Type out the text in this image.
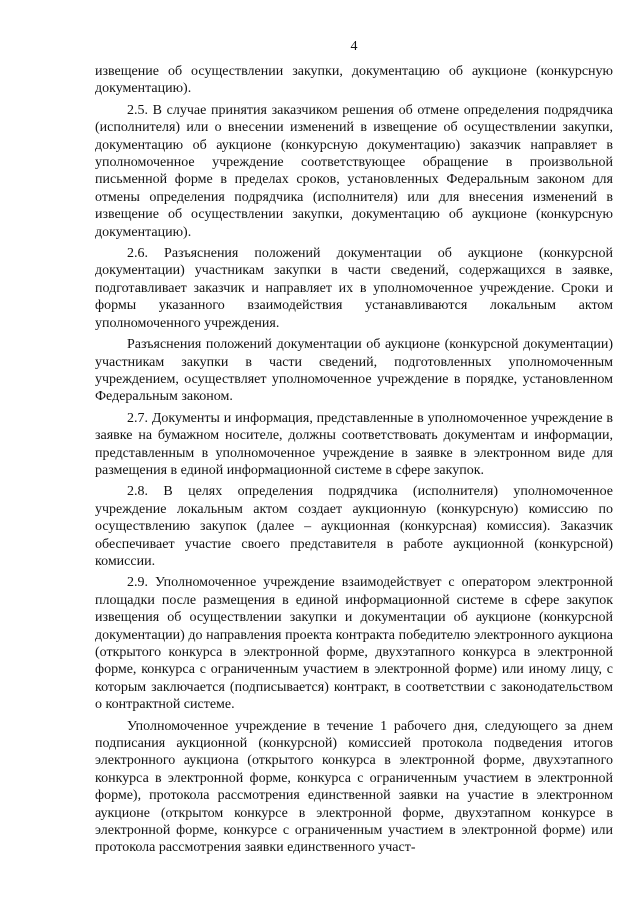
4

извещение об осуществлении закупки, документацию об аукционе (конкурсную документацию).

2.5. В случае принятия заказчиком решения об отмене определения подрядчика (исполнителя) или о внесении изменений в извещение об осуществлении закупки, документацию об аукционе (конкурсную документацию) заказчик направляет в уполномоченное учреждение соответствующее обращение в произвольной письменной форме в пределах сроков, установленных Федеральным законом для отмены определения подрядчика (исполнителя) или для внесения изменений в извещение об осуществлении закупки, документацию об аукционе (конкурсную документацию).

2.6. Разъяснения положений документации об аукционе (конкурсной документации) участникам закупки в части сведений, содержащихся в заявке, подготавливает заказчик и направляет их в уполномоченное учреждение. Сроки и формы указанного взаимодействия устанавливаются локальным актом уполномоченного учреждения.

Разъяснения положений документации об аукционе (конкурсной документации) участникам закупки в части сведений, подготовленных уполномоченным учреждением, осуществляет уполномоченное учреждение в порядке, установленном Федеральным законом.

2.7. Документы и информация, представленные в уполномоченное учреждение в заявке на бумажном носителе, должны соответствовать документам и информации, представленным в уполномоченное учреждение в заявке в электронном виде для размещения в единой информационной системе в сфере закупок.

2.8. В целях определения подрядчика (исполнителя) уполномоченное учреждение локальным актом создает аукционную (конкурсную) комиссию по осуществлению закупок (далее – аукционная (конкурсная) комиссия). Заказчик обеспечивает участие своего представителя в работе аукционной (конкурсной) комиссии.

2.9. Уполномоченное учреждение взаимодействует с оператором электронной площадки после размещения в единой информационной системе в сфере закупок извещения об осуществлении закупки и документации об аукционе (конкурсной документации) до направления проекта контракта победителю электронного аукциона (открытого конкурса в электронной форме, двухэтапного конкурса в электронной форме, конкурса с ограниченным участием в электронной форме) или иному лицу, с которым заключается (подписывается) контракт, в соответствии с законодательством о контрактной системе.

Уполномоченное учреждение в течение 1 рабочего дня, следующего за днем подписания аукционной (конкурсной) комиссией протокола подведения итогов электронного аукциона (открытого конкурса в электронной форме, двухэтапного конкурса в электронной форме, конкурса с ограниченным участием в электронной форме), протокола рассмотрения единственной заявки на участие в электронном аукционе (открытом конкурсе в электронной форме, двухэтапном конкурсе в электронной форме, конкурсе с ограниченным участием в электронной форме) или протокола рассмотрения заявки единственного участ-
